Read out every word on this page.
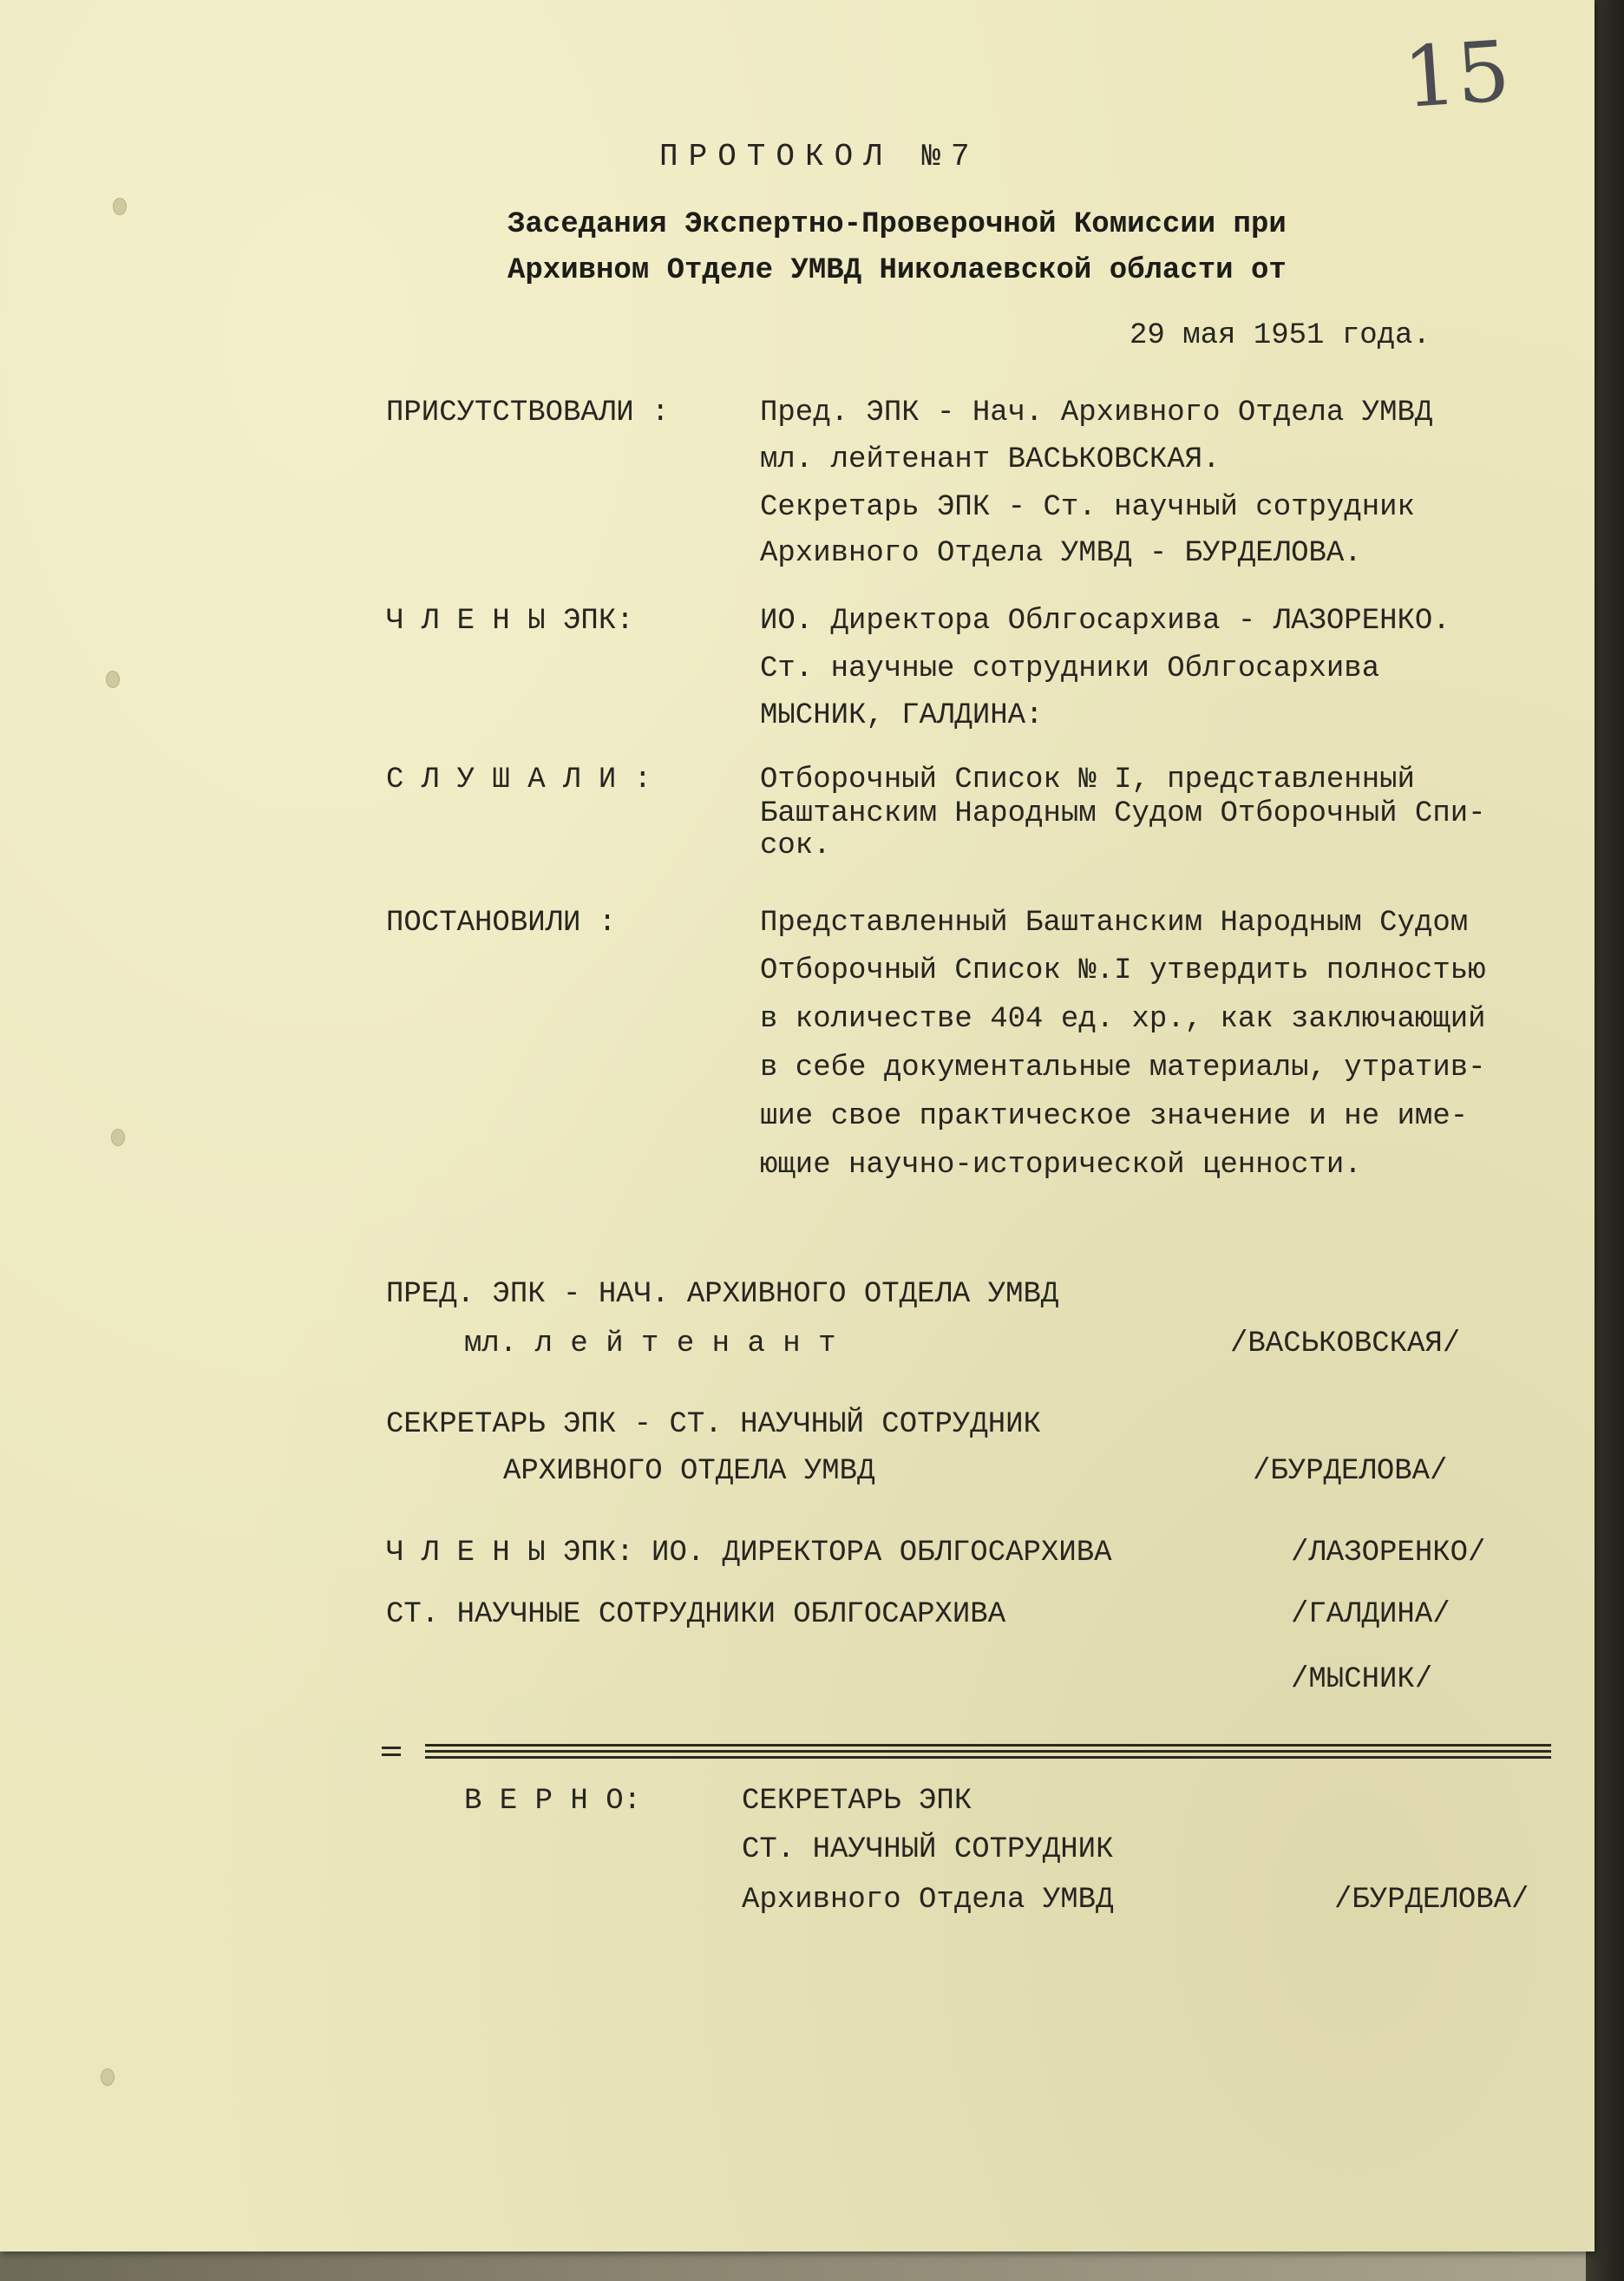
15
ПРОТОКОЛ №7
Заседания Экспертно-Проверочной Комиссии при
Архивном Отделе УМВД Николаевской области от
29 мая 1951 года.
ПРИСУТСТВОВАЛИ :	Пред. ЭПК - Нач. Архивного Отдела УМВД
мл. лейтенант ВАСЬКОВСКАЯ.
Секретарь ЭПК - Ст. научный сотрудник
Архивного Отдела УМВД - БУРДЕЛОВА.
Ч Л Е Н Ы ЭПК:	ИО. Директора Облгосархива - ЛАЗОРЕНКО.
Ст. научные сотрудники Облгосархива
МЫСНИК, ГАЛДИНА:
С Л У Ш А Л И :	Отборочный Список № I, представленный
Баштанским Народным Судом Отборочный Спи-
сок.
ПОСТАНОВИЛИ :	Представленный Баштанским Народным Судом
Отборочный Список №.I утвердить полностью
в количестве 404 ед. хр., как заключающий
в себе документальные материалы, утратив-
шие свое практическое значение и не име-
ющие научно-исторической ценности.
ПРЕД. ЭПК - НАЧ. АРХИВНОГО ОТДЕЛА УМВД
мл. л е й т е н а н т	/ВАСЬКОВСКАЯ/
СЕКРЕТАРЬ ЭПК - СТ. НАУЧНЫЙ СОТРУДНИК
АРХИВНОГО ОТДЕЛА УМВД	/БУРДЕЛОВА/
Ч Л Е Н Ы ЭПК: ИО. ДИРЕКТОРА ОБЛГОСАРХИВА	/ЛАЗОРЕНКО/
СТ. НАУЧНЫЕ СОТРУДНИКИ ОБЛГОСАРХИВА	/ГАЛДИНА/
/МЫСНИК/
В Е Р Н О:	СЕКРЕТАРЬ ЭПК
СТ. НАУЧНЫЙ СОТРУДНИК
Архивного Отдела УМВД	/БУРДЕЛОВА/
